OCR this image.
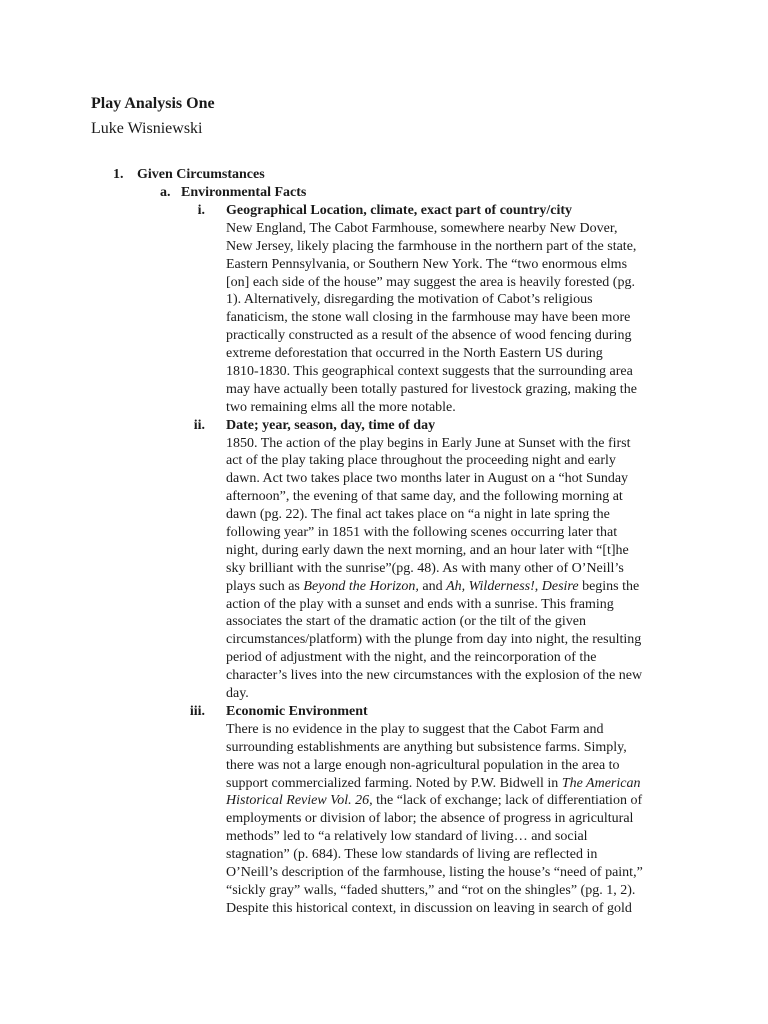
Play Analysis One

Luke Wisniewski

1. Given Circumstances
a. Environmental Facts
i. Geographical Location, climate, exact part of country/city
New England, The Cabot Farmhouse, somewhere nearby New Dover,
New Jersey, likely placing the farmhouse in the northern part of the state,
Eastern Pennsylvania, or Southern New York. The “two enormous elms
[on] each side of the house” may suggest the area is heavily forested (pg.
1). Alternatively, disregarding the motivation of Cabot’s religious
fanaticism, the stone wall closing in the farmhouse may have been more
practically constructed as a result of the absence of wood fencing during
extreme deforestation that occurred in the North Eastern US during
1810-1830. This geographical context suggests that the surrounding area
may have actually been totally pastured for livestock grazing, making the
two remaining elms all the more notable.
ii. Date; year, season, day, time of day
1850. The action of the play begins in Early June at Sunset with the first
act of the play taking place throughout the proceeding night and early
dawn. Act two takes place two months later in August on a “hot Sunday
afternoon”, the evening of that same day, and the following morning at
dawn (pg. 22). The final act takes place on “a night in late spring the
following year” in 1851 with the following scenes occurring later that
night, during early dawn the next morning, and an hour later with “[t]he
sky brilliant with the sunrise”(pg. 48). As with many other of O’Neill’s
plays such as Beyond the Horizon, and Ah, Wilderness!, Desire begins the
action of the play with a sunset and ends with a sunrise. This framing
associates the start of the dramatic action (or the tilt of the given
circumstances/platform) with the plunge from day into night, the resulting
period of adjustment with the night, and the reincorporation of the
character’s lives into the new circumstances with the explosion of the new
day.
iii. Economic Environment
There is no evidence in the play to suggest that the Cabot Farm and
surrounding establishments are anything but subsistence farms. Simply,
there was not a large enough non-agricultural population in the area to
support commercialized farming. Noted by P.W. Bidwell in The American
Historical Review Vol. 26, the “lack of exchange; lack of differentiation of
employments or division of labor; the absence of progress in agricultural
methods” led to “a relatively low standard of living… and social
stagnation” (p. 684). These low standards of living are reflected in
O’Neill’s description of the farmhouse, listing the house’s “need of paint,”
“sickly gray” walls, “faded shutters,” and “rot on the shingles” (pg. 1, 2).
Despite this historical context, in discussion on leaving in search of gold
